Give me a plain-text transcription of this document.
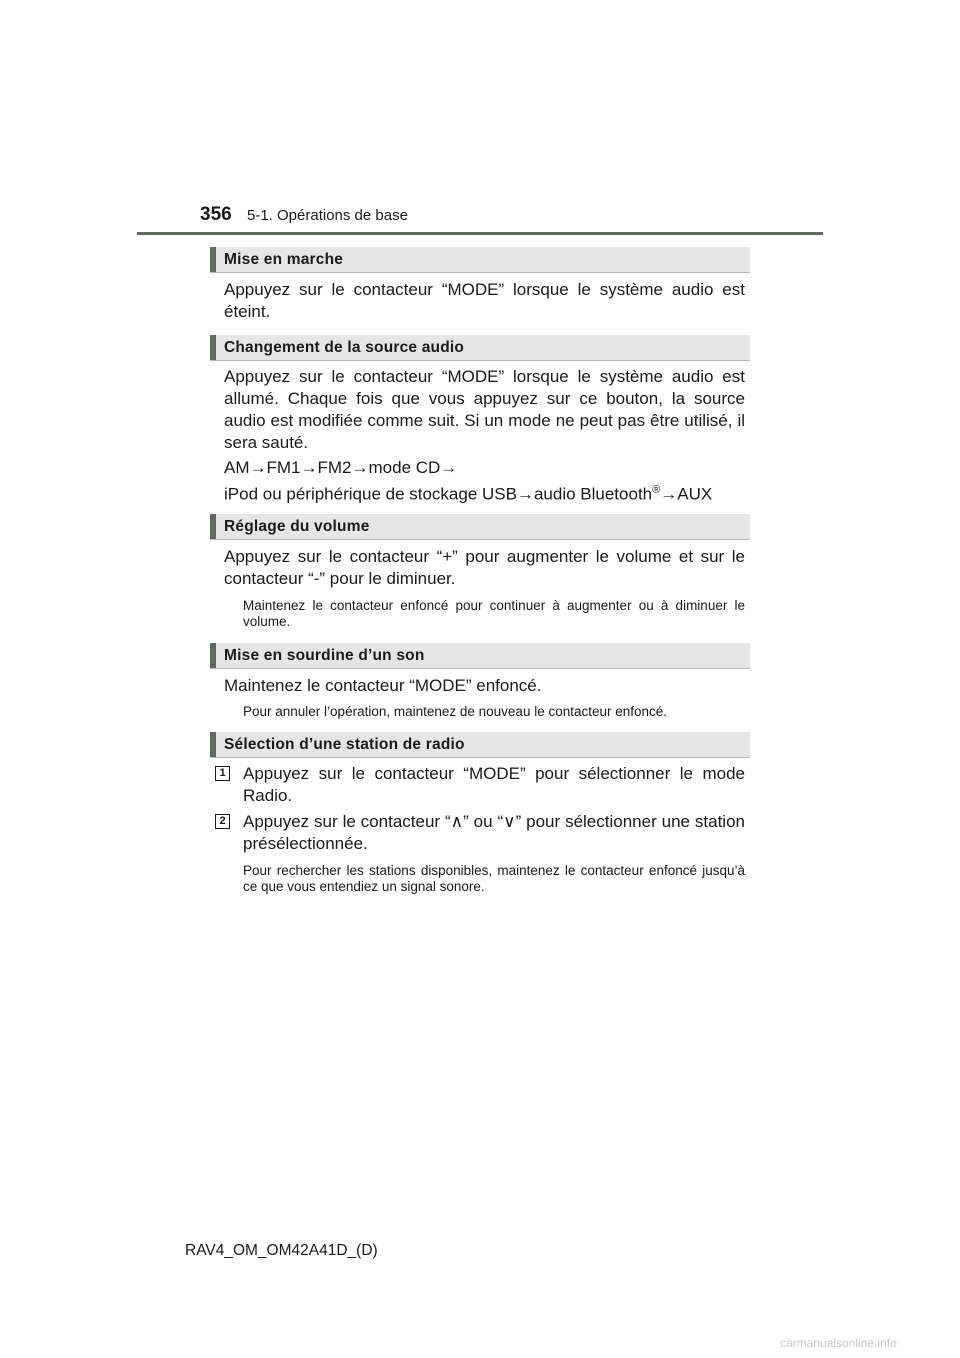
356 5-1. Opérations de base
Mise en marche
Appuyez sur le contacteur “MODE” lorsque le système audio est éteint.
Changement de la source audio
Appuyez sur le contacteur “MODE” lorsque le système audio est allumé. Chaque fois que vous appuyez sur ce bouton, la source audio est modifiée comme suit. Si un mode ne peut pas être utilisé, il sera sauté.
AM→FM1→FM2→mode CD→
iPod ou périphérique de stockage USB→audio Bluetooth®→AUX
Réglage du volume
Appuyez sur le contacteur “+” pour augmenter le volume et sur le contacteur “-” pour le diminuer.
Maintenez le contacteur enfoncé pour continuer à augmenter ou à diminuer le volume.
Mise en sourdine d’un son
Maintenez le contacteur “MODE” enfoncé.
Pour annuler l’opération, maintenez de nouveau le contacteur enfoncé.
Sélection d’une station de radio
1 Appuyez sur le contacteur “MODE” pour sélectionner le mode Radio.
2 Appuyez sur le contacteur “∧” ou “∨” pour sélectionner une station présélectionnée.
Pour rechercher les stations disponibles, maintenez le contacteur enfoncé jusqu’à ce que vous entendiez un signal sonore.
RAV4_OM_OM42A41D_(D)
carmanualsonline.info
